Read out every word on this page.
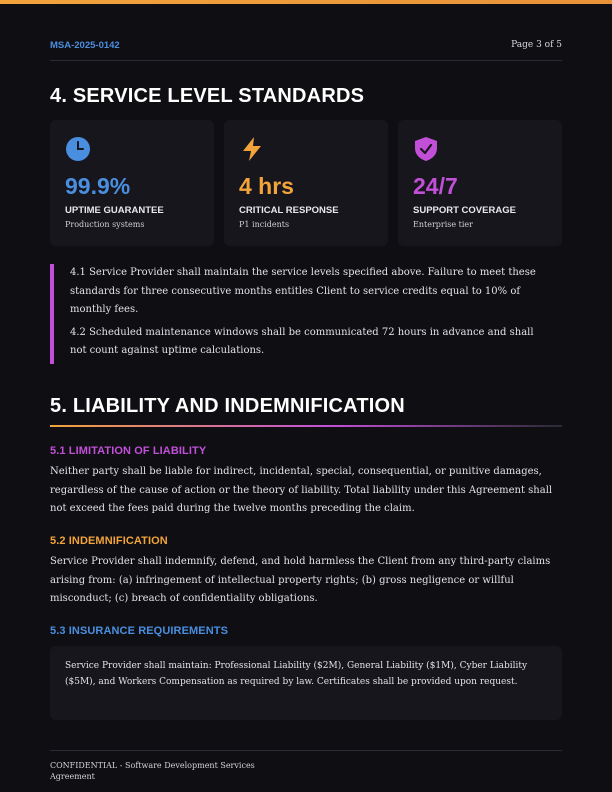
MSA-2025-0142	Page 3 of 5
4. SERVICE LEVEL STANDARDS
99.9%
UPTIME GUARANTEE
Production systems
4 hrs
CRITICAL RESPONSE
P1 incidents
24/7
SUPPORT COVERAGE
Enterprise tier

4.1 Service Provider shall maintain the service levels specified above. Failure to meet these standards for three consecutive months entitles Client to service credits equal to 10% of monthly fees.

4.2 Scheduled maintenance windows shall be communicated 72 hours in advance and shall not count against uptime calculations.

5. LIABILITY AND INDEMNIFICATION
5.1 LIMITATION OF LIABILITY

Neither party shall be liable for indirect, incidental, special, consequential, or punitive damages, regardless of the cause of action or the theory of liability. Total liability under this Agreement shall not exceed the fees paid during the twelve months preceding the claim.

5.2 INDEMNIFICATION

Service Provider shall indemnify, defend, and hold harmless the Client from any third-party claims arising from: (a) infringement of intellectual property rights; (b) gross negligence or willful misconduct; (c) breach of confidentiality obligations.

5.3 INSURANCE REQUIREMENTS

Service Provider shall maintain: Professional Liability ($2M), General Liability ($1M), Cyber Liability ($5M), and Workers Compensation as required by law. Certificates shall be provided upon request.

CONFIDENTIAL - Software Development Services Agreement
